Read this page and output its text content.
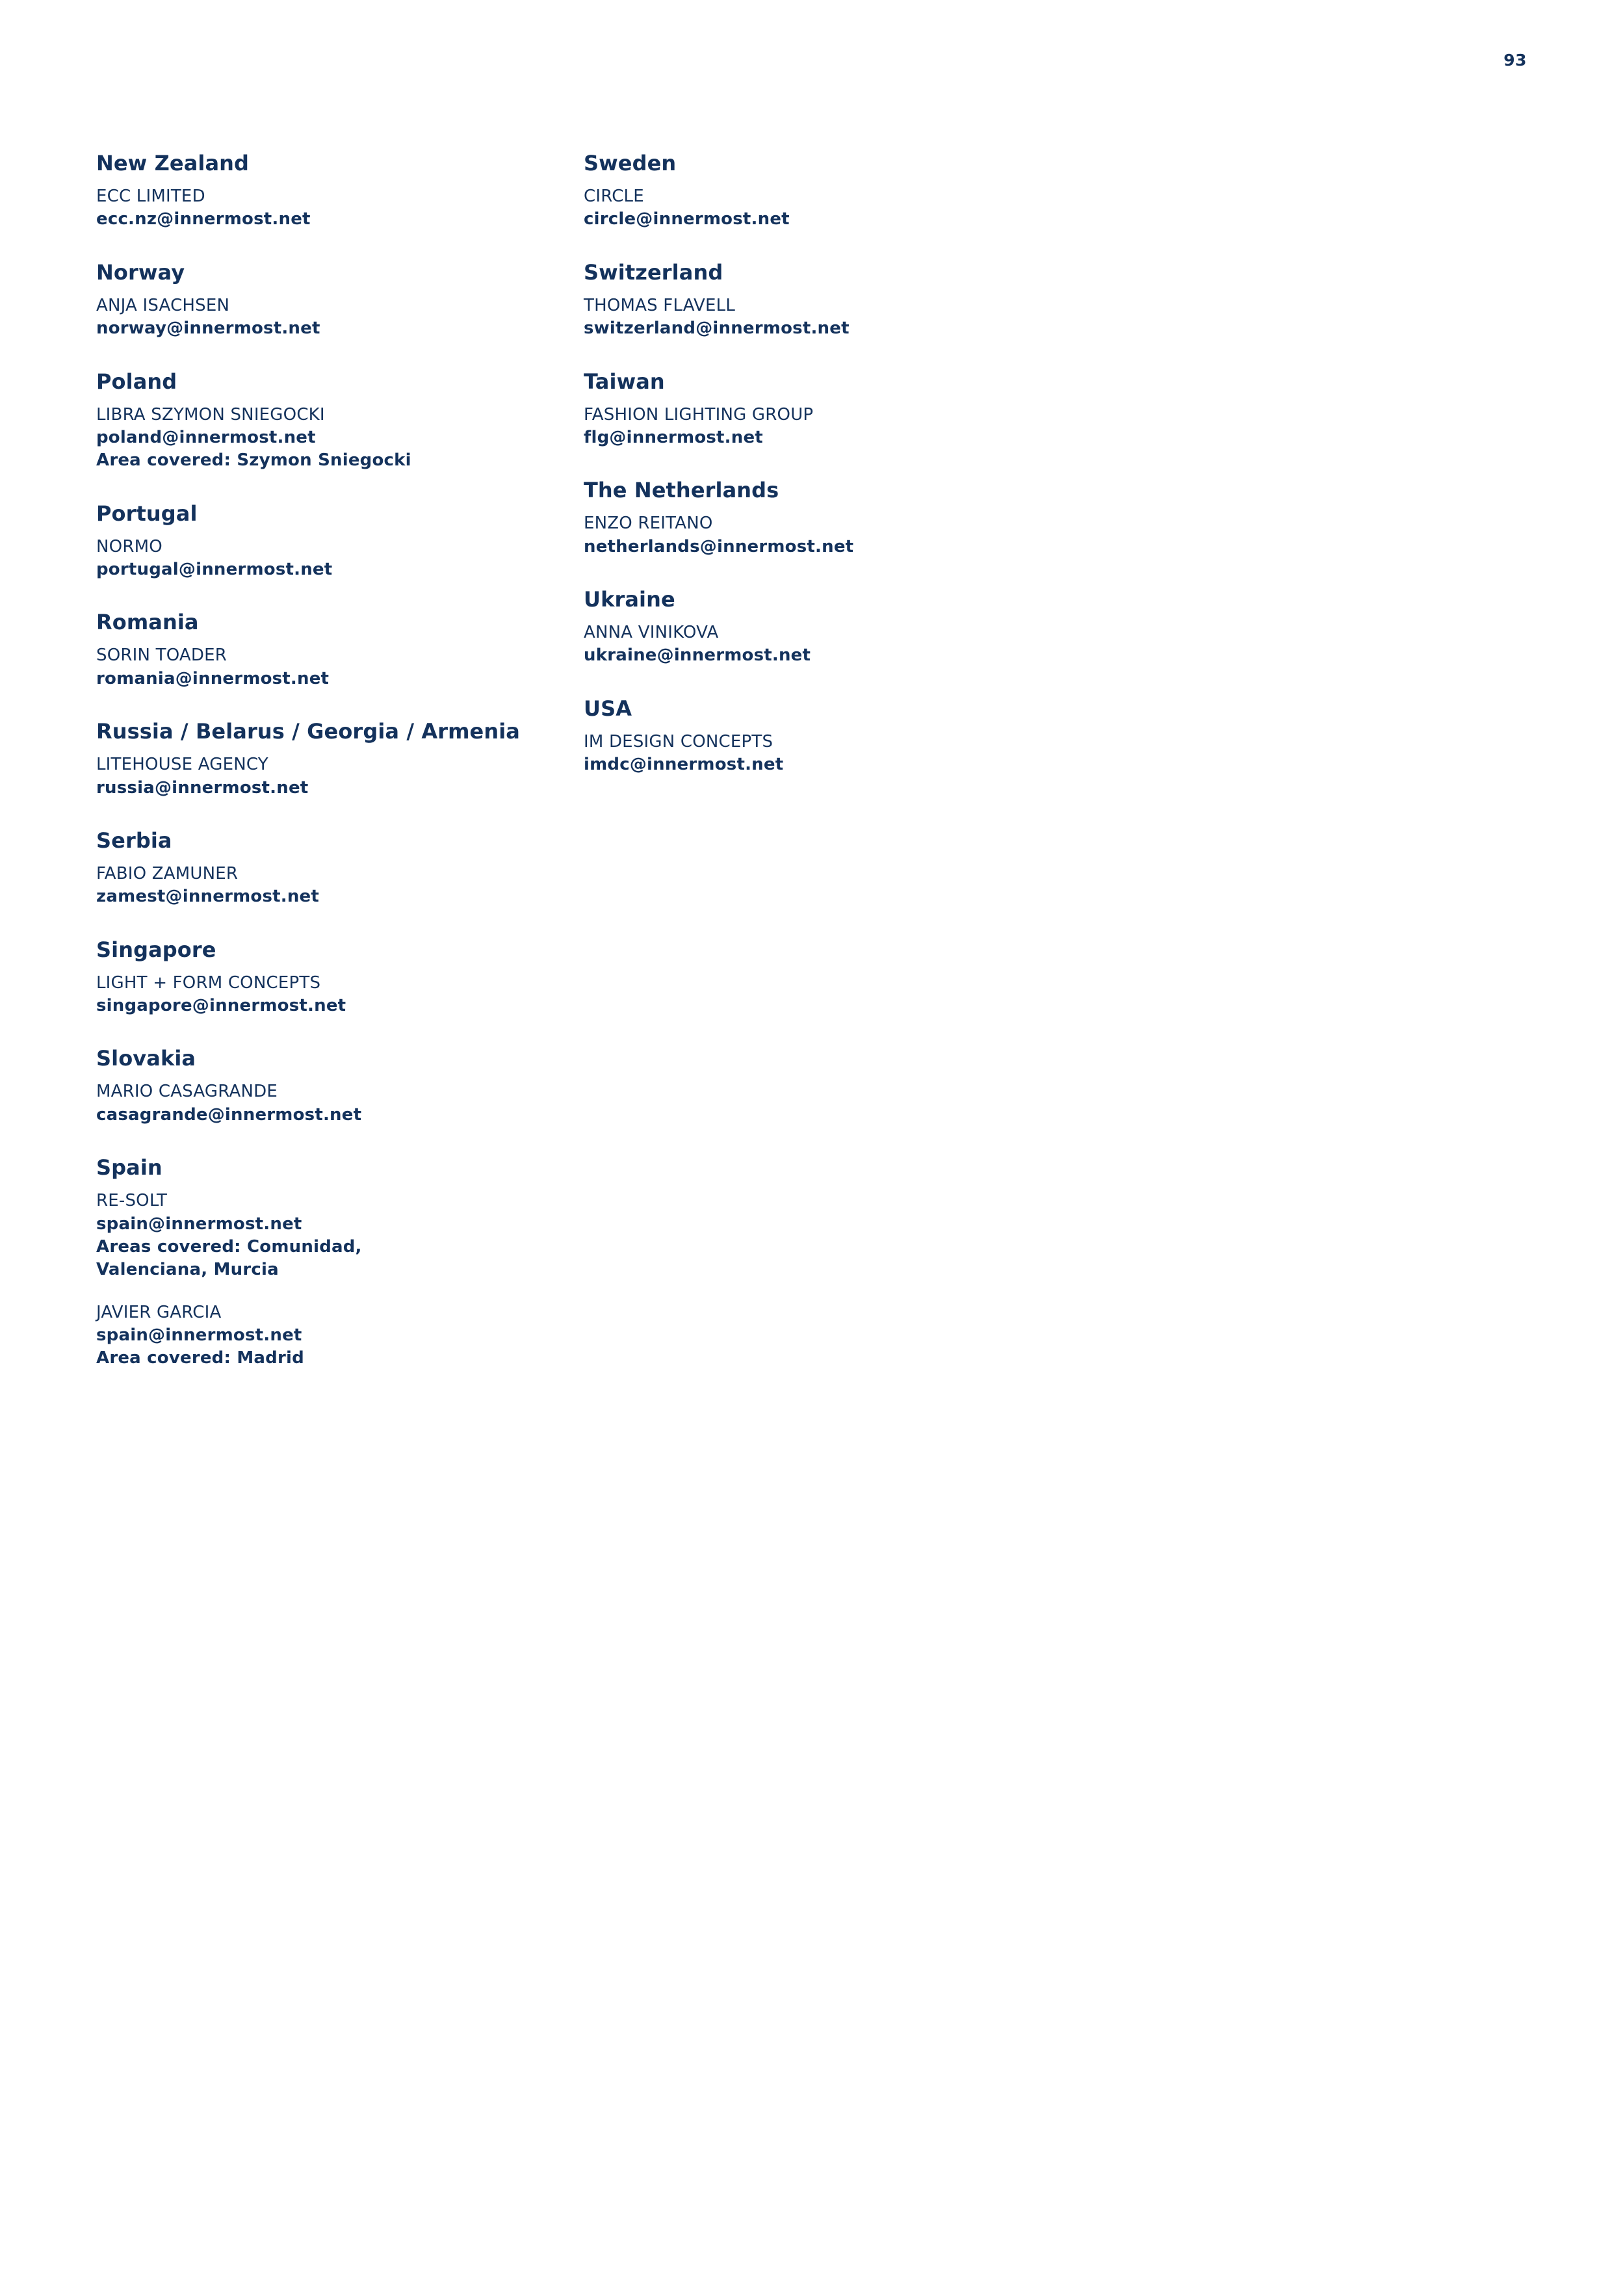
93
New Zealand

ECC LIMITED

ecc.nz@innermost.net

Norway

ANJA ISACHSEN

norway@innermost.net

Poland

LIBRA SZYMON SNIEGOCKI

poland@innermost.net

Area covered: Szymon Sniegocki

Portugal

NORMO

portugal@innermost.net

Romania

SORIN TOADER

romania@innermost.net

Russia / Belarus / Georgia / Armenia

LITEHOUSE AGENCY

russia@innermost.net

Serbia

FABIO ZAMUNER

zamest@innermost.net

Singapore

LIGHT + FORM CONCEPTS

singapore@innermost.net

Slovakia

MARIO CASAGRANDE

casagrande@innermost.net

Spain

RE-SOLT

spain@innermost.net

Areas covered: Comunidad,

Valenciana, Murcia

JAVIER GARCIA

spain@innermost.net

Area covered: Madrid

Sweden

CIRCLE

circle@innermost.net

Switzerland

THOMAS FLAVELL

switzerland@innermost.net

Taiwan

FASHION LIGHTING GROUP

flg@innermost.net

The Netherlands

ENZO REITANO

netherlands@innermost.net

Ukraine

ANNA VINIKOVA

ukraine@innermost.net

USA

IM DESIGN CONCEPTS

imdc@innermost.net
